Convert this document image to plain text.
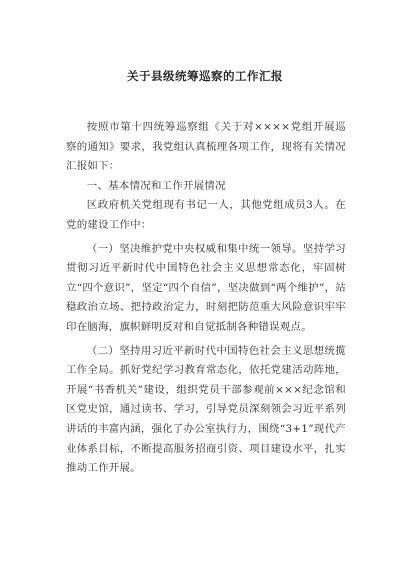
关于县级统筹巡察的工作汇报

按照市第十四统筹巡察组《关于对××××党组开展巡察的通知》要求，我党组认真梳理各项工作，现将有关情况汇报如下：

一、基本情况和工作开展情况

区政府机关党组现有书记一人，其他党组成员3人。在党的建设工作中：

（一）坚决维护党中央权威和集中统一领导。坚持学习贯彻习近平新时代中国特色社会主义思想常态化，牢固树立“四个意识”，坚定“四个自信”，坚决做到“两个维护”，站稳政治立场、把持政治定力，时刻把防范重大风险意识牢牢印在脑海，旗帜鲜明反对和自觉抵制各种错误观点。

（二）坚持用习近平新时代中国特色社会主义思想统揽工作全局。抓好党纪学习教育常态化，依托党建活动阵地，开展“书香机关”建设，组织党员干部参观前×××纪念馆和区党史馆，通过读书、学习，引导党员深刻领会习近平系列讲话的丰富内涵，强化了办公室执行力，围绕“3+1”现代产业体系目标，不断提高服务招商引资、项目建设水平，扎实推动工作开展。
